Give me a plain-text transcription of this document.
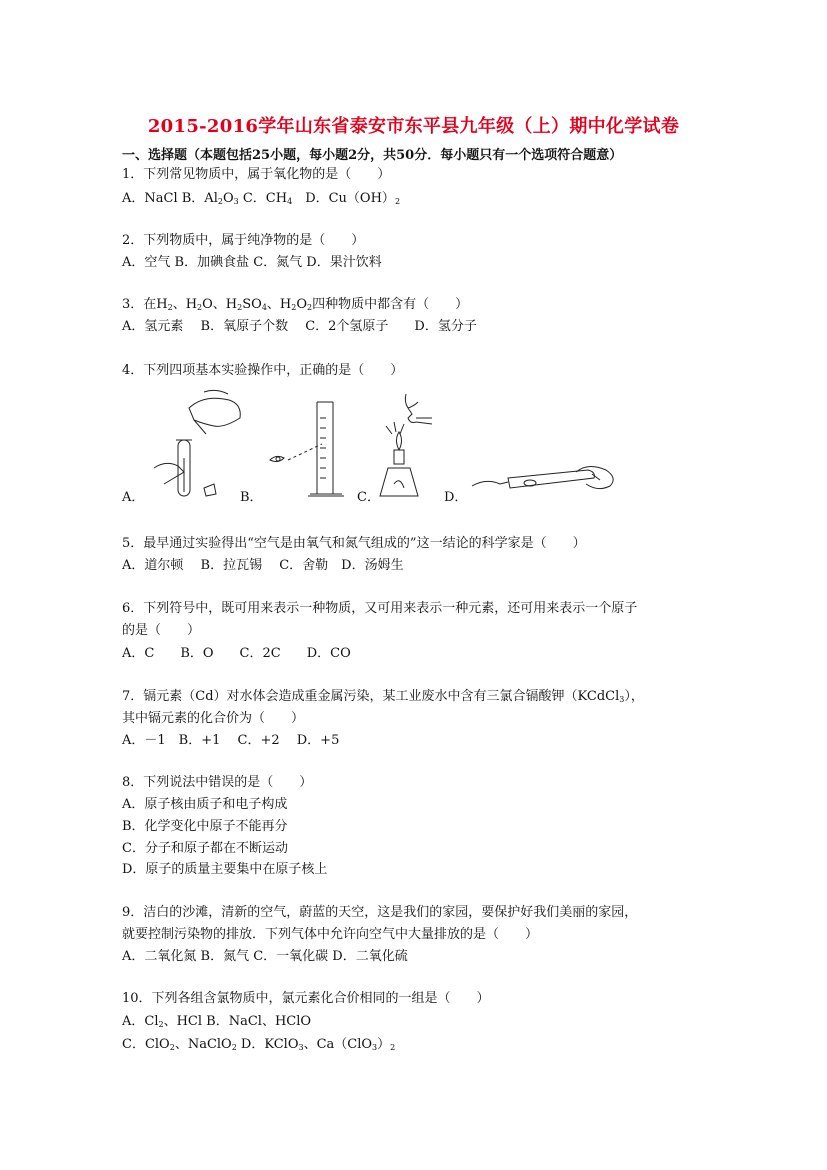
2015-2016学年山东省泰安市东平县九年级（上）期中化学试卷
一、选择题（本题包括25小题，每小题2分，共50分．每小题只有一个选项符合题意）
1．下列常见物质中，属于氧化物的是（　　）
A．NaCl B．$Al_2O_3$ C．$CH_4$　D．$Cu(OH)_2$
2．下列物质中，属于纯净物的是（　　）
A．空气 B．加碘食盐 C．氮气 D．果汁饮料
3．在$H_2$、$H_2O$、$H_2SO_4$、$H_2O_2$四种物质中都含有（　　）
A．氢元素　 B．氧原子个数　 C．2个氢原子　　D．氢分子
4．下列四项基本实验操作中，正确的是（　　）
A．	B．	C．	D．
5．最早通过实验得出“空气是由氧气和氮气组成的”这一结论的科学家是（　　）
A．道尔顿　 B．拉瓦锡　 C．舍勒　D．汤姆生
6．下列符号中，既可用来表示一种物质，又可用来表示一种元素，还可用来表示一个原子
的是（　　）
A．C　　B．O　　C．2C　　D．CO
7．镉元素（Cd）对水体会造成重金属污染，某工业废水中含有三氯合镉酸钾（KCdCl$_3$），
其中镉元素的化合价为（　　）
A．－1　B．+1　 C．+2　 D．+5
8．下列说法中错误的是（　　）
A．原子核由质子和电子构成
B．化学变化中原子不能再分
C．分子和原子都在不断运动
D．原子的质量主要集中在原子核上
9．洁白的沙滩，清新的空气，蔚蓝的天空，这是我们的家园，要保护好我们美丽的家园，
就要控制污染物的排放．下列气体中允许向空气中大量排放的是（　　）
A．二氧化氮 B．氮气 C．一氧化碳 D．二氧化硫
10．下列各组含氯物质中，氯元素化合价相同的一组是（　　）
A．$Cl_2$、HCl B．NaCl、HClO
C．ClO$_2$、NaClO$_2$ D．KClO$_3$、$Ca(ClO_3)_2$
